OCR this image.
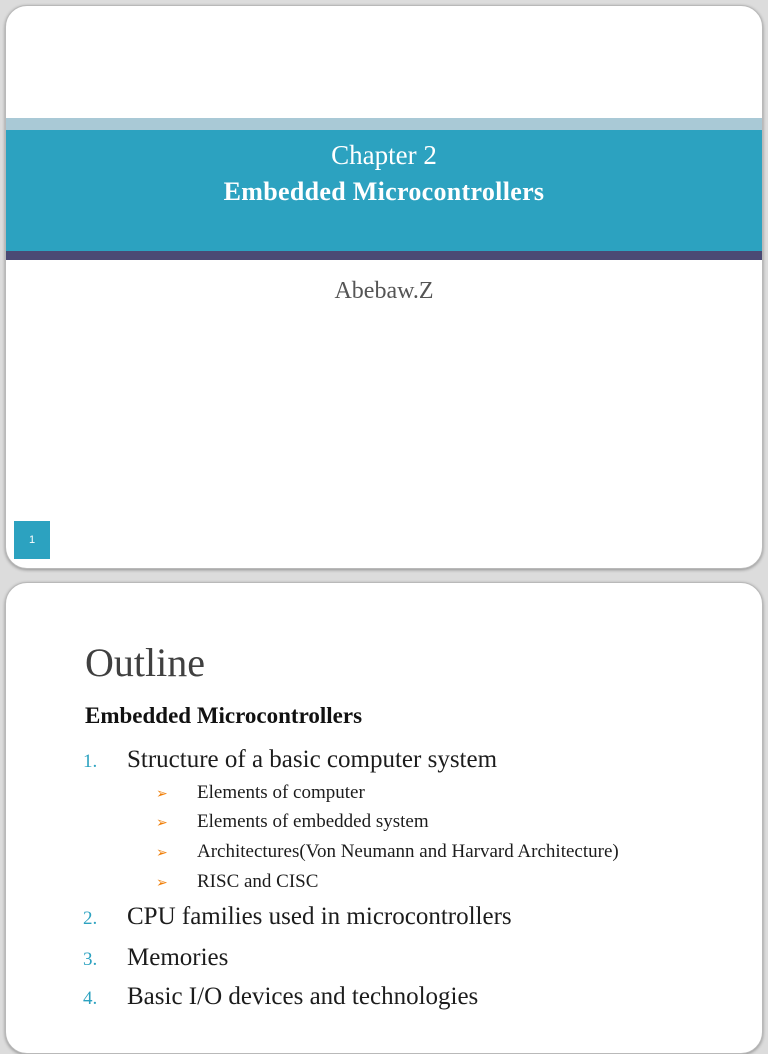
Chapter 2
Embedded Microcontrollers
Abebaw.Z
1
Outline
Embedded Microcontrollers
1. Structure of a basic computer system
➢ Elements of computer
➢ Elements of embedded system
➢ Architectures(Von Neumann and Harvard Architecture)
➢ RISC and CISC
2. CPU families used in microcontrollers
3. Memories
4. Basic I/O devices and technologies
